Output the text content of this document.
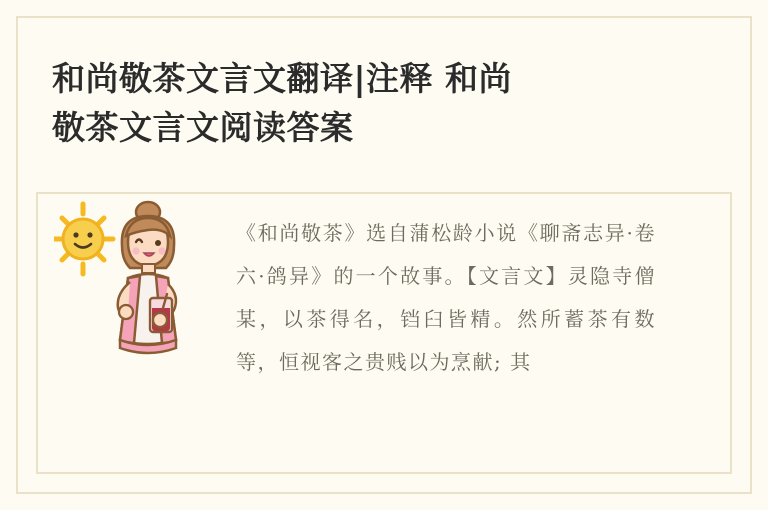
和尚敬茶文言文翻译|注释 和尚
敬茶文言文阅读答案
《和尚敬茶》选自蒲松龄小说《聊斋志异·卷六·鸽异》的一个故事。【文言文】灵隐寺僧某，以茶得名，铛臼皆精。然所蓄茶有数等，恒视客之贵贱以为烹献; 其
